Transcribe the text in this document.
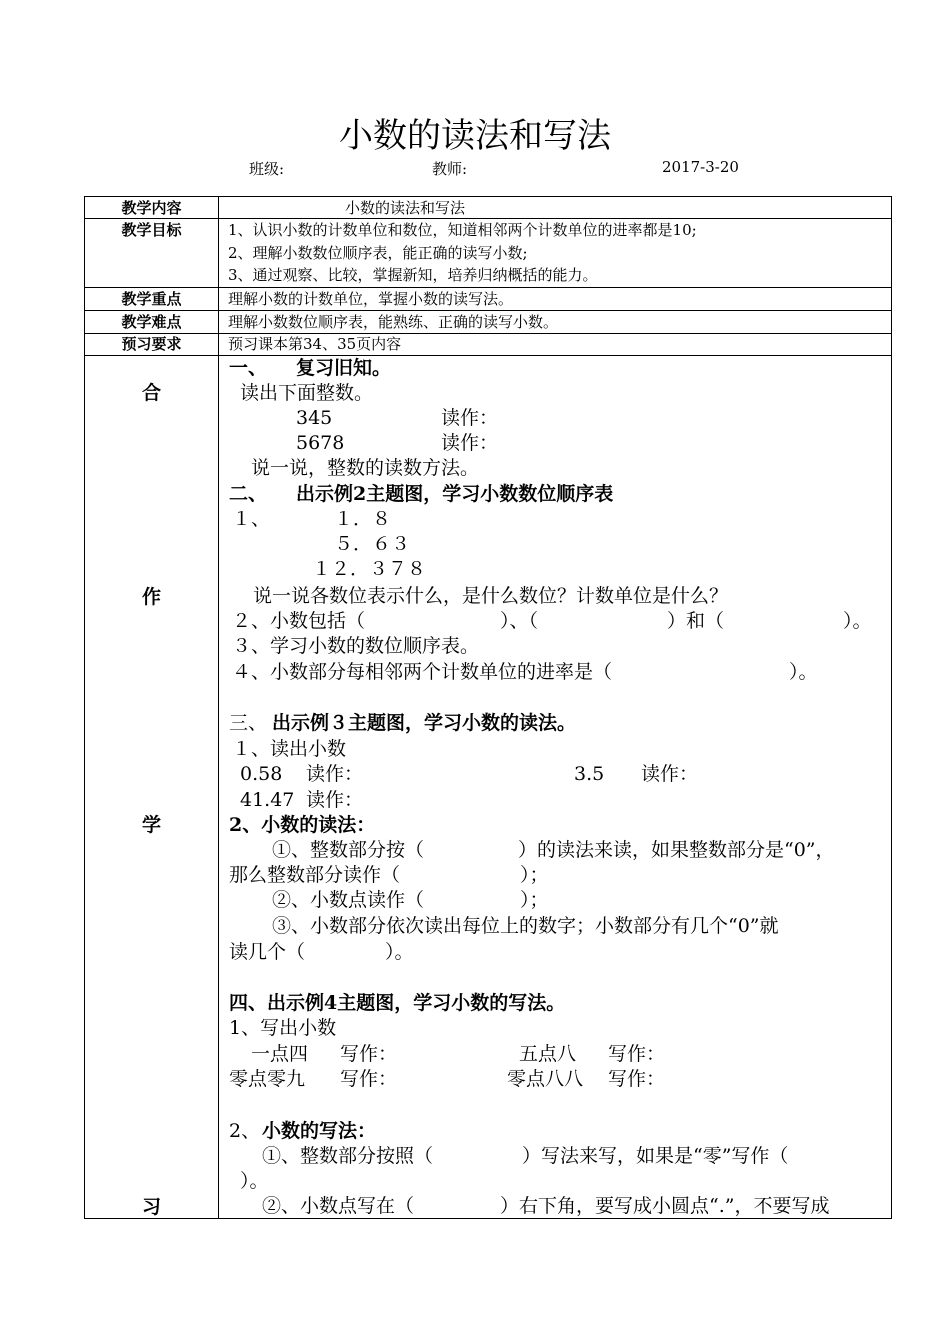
小数的读法和写法
班级:	教师:	2017-3-20
教学内容	小数的读法和写法
教学目标	1、认识小数的计数单位和数位，知道相邻两个计数单位的进率都是10;
2、理解小数数位顺序表，能正确的读写小数;
3、通过观察、比较，掌握新知，培养归纳概括的能力。
教学重点	理解小数的计数单位，掌握小数的读写法。
教学难点	理解小数数位顺序表，能熟练、正确的读写小数。
预习要求	预习课本第34、35页内容
合
作
学
习
一、 复习旧知。
读出下面整数。
345	读作：
5678	读作：
说一说，整数的读数方法。
二、 出示例2主题图，学习小数数位顺序表
１、	１．８
５．６３
１２．３７８
说一说各数位表示什么，是什么数位？计数单位是什么？
２、小数包括（	）、（	）和（	）。
３、学习小数的数位顺序表。
４、小数部分每相邻两个计数单位的进率是（	）。
三、 出示例３主题图，学习小数的读法。
１、读出小数
0.58 读作：	3.5 读作：
41.47 读作：
2、小数的读法：
①、整数部分按（	）的读法来读，如果整数部分是“0”，
那么整数部分读作（	）；
②、小数点读作（	）；
③、小数部分依次读出每位上的数字；小数部分有几个“0”就
读几个（	）。
四、出示例4主题图，学习小数的写法。
1、写出小数
一点四 写作：	五点八 写作：
零点零九 写作：	零点八八 写作：
2、 小数的写法：
①、整数部分按照（	）写法来写，如果是“零”写作（
）。
②、小数点写在（	）右下角，要写成小圆点“.”，不要写成
